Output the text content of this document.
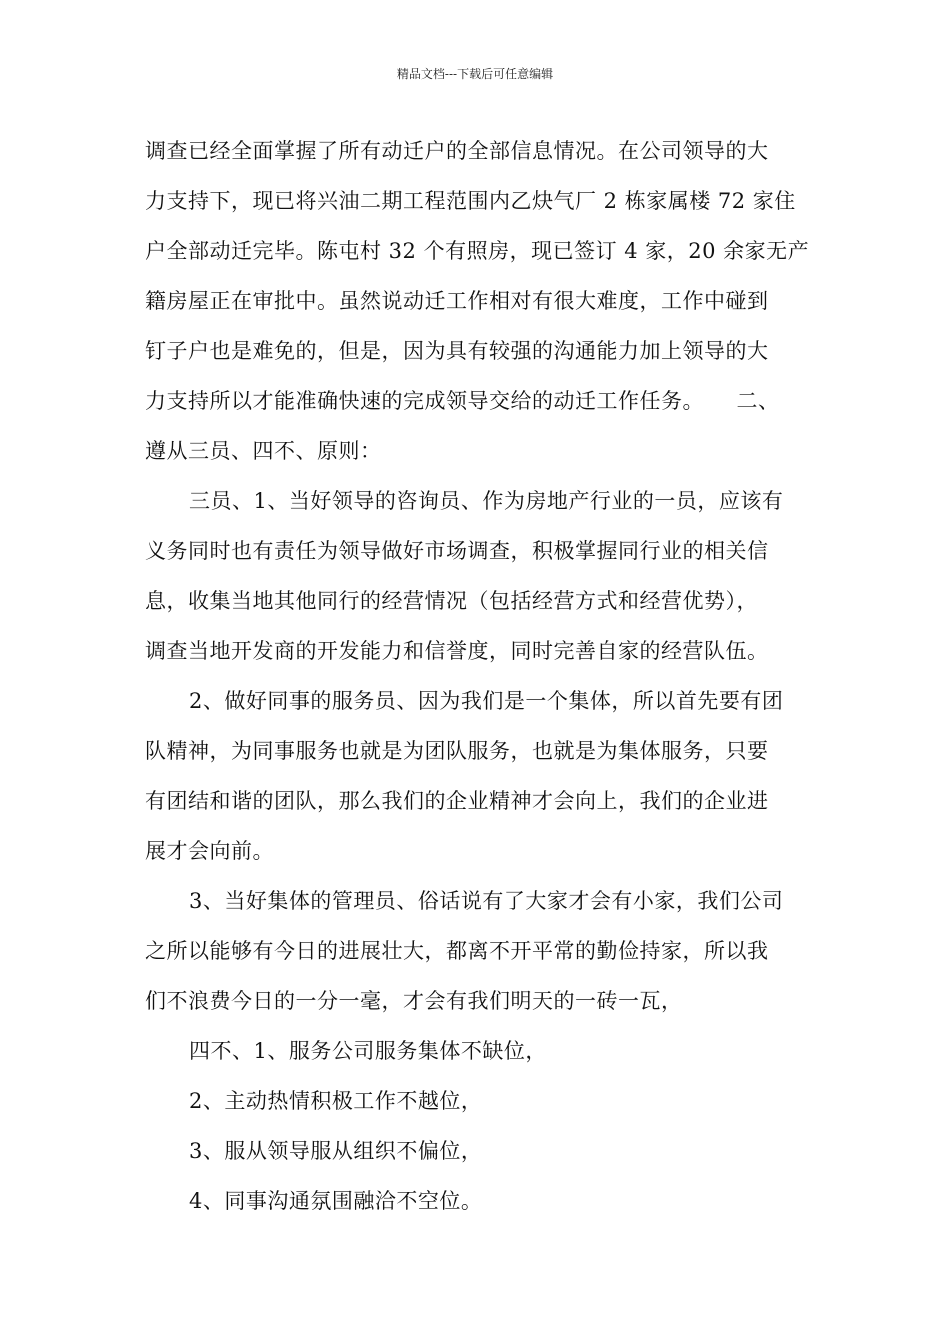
精品文档---下载后可任意编辑
调查已经全面掌握了所有动迁户的全部信息情况。在公司领导的大
力支持下，现已将兴油二期工程范围内乙炔气厂 2 栋家属楼 72 家住
户全部动迁完毕。陈屯村 32 个有照房，现已签订 4 家，20 余家无产
籍房屋正在审批中。虽然说动迁工作相对有很大难度，工作中碰到
钉子户也是难免的，但是，因为具有较强的沟通能力加上领导的大
力支持所以才能准确快速的完成领导交给的动迁工作任务。　　二、
遵从三员、四不、原则：
三员、1、当好领导的咨询员、作为房地产行业的一员，应该有
义务同时也有责任为领导做好市场调查，积极掌握同行业的相关信
息，收集当地其他同行的经营情况（包括经营方式和经营优势），
调查当地开发商的开发能力和信誉度，同时完善自家的经营队伍。
2、做好同事的服务员、因为我们是一个集体，所以首先要有团
队精神，为同事服务也就是为团队服务，也就是为集体服务，只要
有团结和谐的团队，那么我们的企业精神才会向上，我们的企业进
展才会向前。
3、当好集体的管理员、俗话说有了大家才会有小家，我们公司
之所以能够有今日的进展壮大，都离不开平常的勤俭持家，所以我
们不浪费今日的一分一毫，才会有我们明天的一砖一瓦，
四不、1、服务公司服务集体不缺位，
2、主动热情积极工作不越位，
3、服从领导服从组织不偏位，
4、同事沟通氛围融洽不空位。
